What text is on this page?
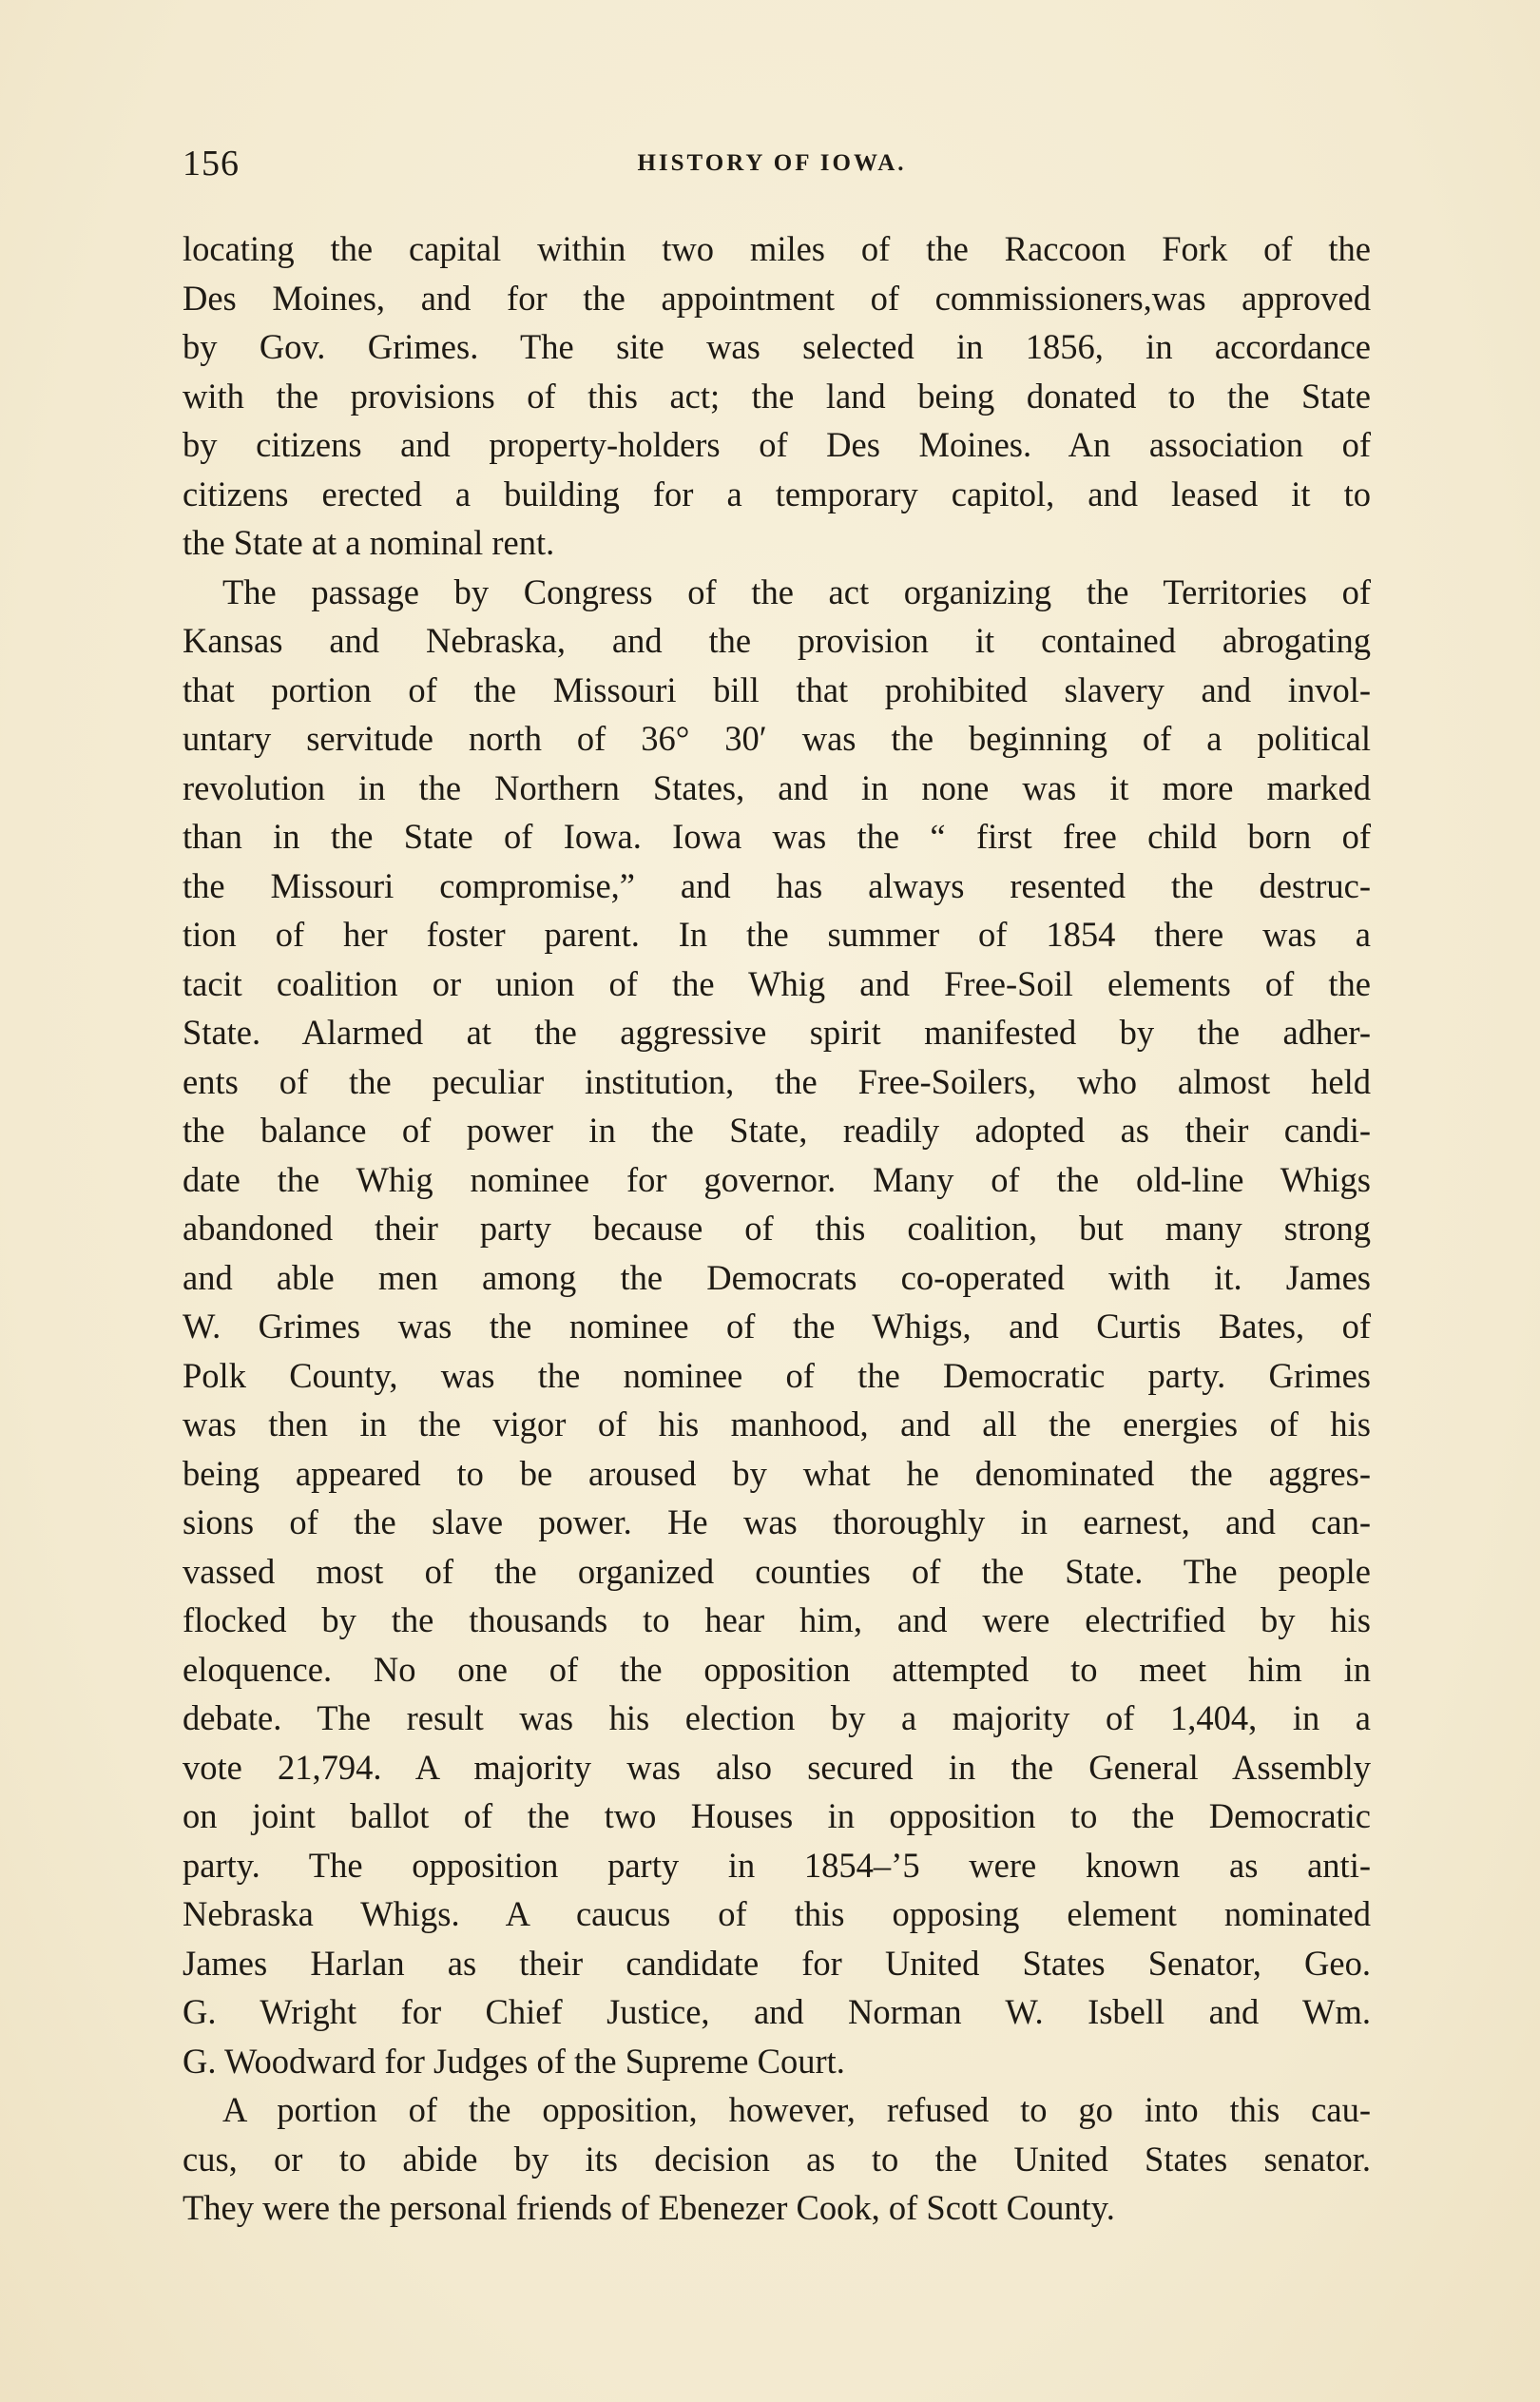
156	HISTORY OF IOWA.

locating the capital within two miles of the Raccoon Fork of the
Des Moines, and for the appointment of commissioners,was approved
by Gov. Grimes. The site was selected in 1856, in accordance
with the provisions of this act; the land being donated to the State
by citizens and property-holders of Des Moines. An association of
citizens erected a building for a temporary capitol, and leased it to
the State at a nominal rent.

The passage by Congress of the act organizing the Territories of
Kansas and Nebraska, and the provision it contained abrogating
that portion of the Missouri bill that prohibited slavery and invol-
untary servitude north of 36° 30′ was the beginning of a political
revolution in the Northern States, and in none was it more marked
than in the State of Iowa. Iowa was the “ first free child born of
the Missouri compromise,” and has always resented the destruc-
tion of her foster parent. In the summer of 1854 there was a
tacit coalition or union of the Whig and Free-Soil elements of the
State. Alarmed at the aggressive spirit manifested by the adher-
ents of the peculiar institution, the Free-Soilers, who almost held
the balance of power in the State, readily adopted as their candi-
date the Whig nominee for governor. Many of the old-line Whigs
abandoned their party because of this coalition, but many strong
and able men among the Democrats co-operated with it. James
W. Grimes was the nominee of the Whigs, and Curtis Bates, of
Polk County, was the nominee of the Democratic party. Grimes
was then in the vigor of his manhood, and all the energies of his
being appeared to be aroused by what he denominated the aggres-
sions of the slave power. He was thoroughly in earnest, and can-
vassed most of the organized counties of the State. The people
flocked by the thousands to hear him, and were electrified by his
eloquence. No one of the opposition attempted to meet him in
debate. The result was his election by a majority of 1,404, in a
vote 21,794. A majority was also secured in the General Assembly
on joint ballot of the two Houses in opposition to the Democratic
party. The opposition party in 1854–’5 were known as anti-
Nebraska Whigs. A caucus of this opposing element nominated
James Harlan as their candidate for United States Senator, Geo.
G. Wright for Chief Justice, and Norman W. Isbell and Wm.
G. Woodward for Judges of the Supreme Court.

A portion of the opposition, however, refused to go into this cau-
cus, or to abide by its decision as to the United States senator.
They were the personal friends of Ebenezer Cook, of Scott County.
